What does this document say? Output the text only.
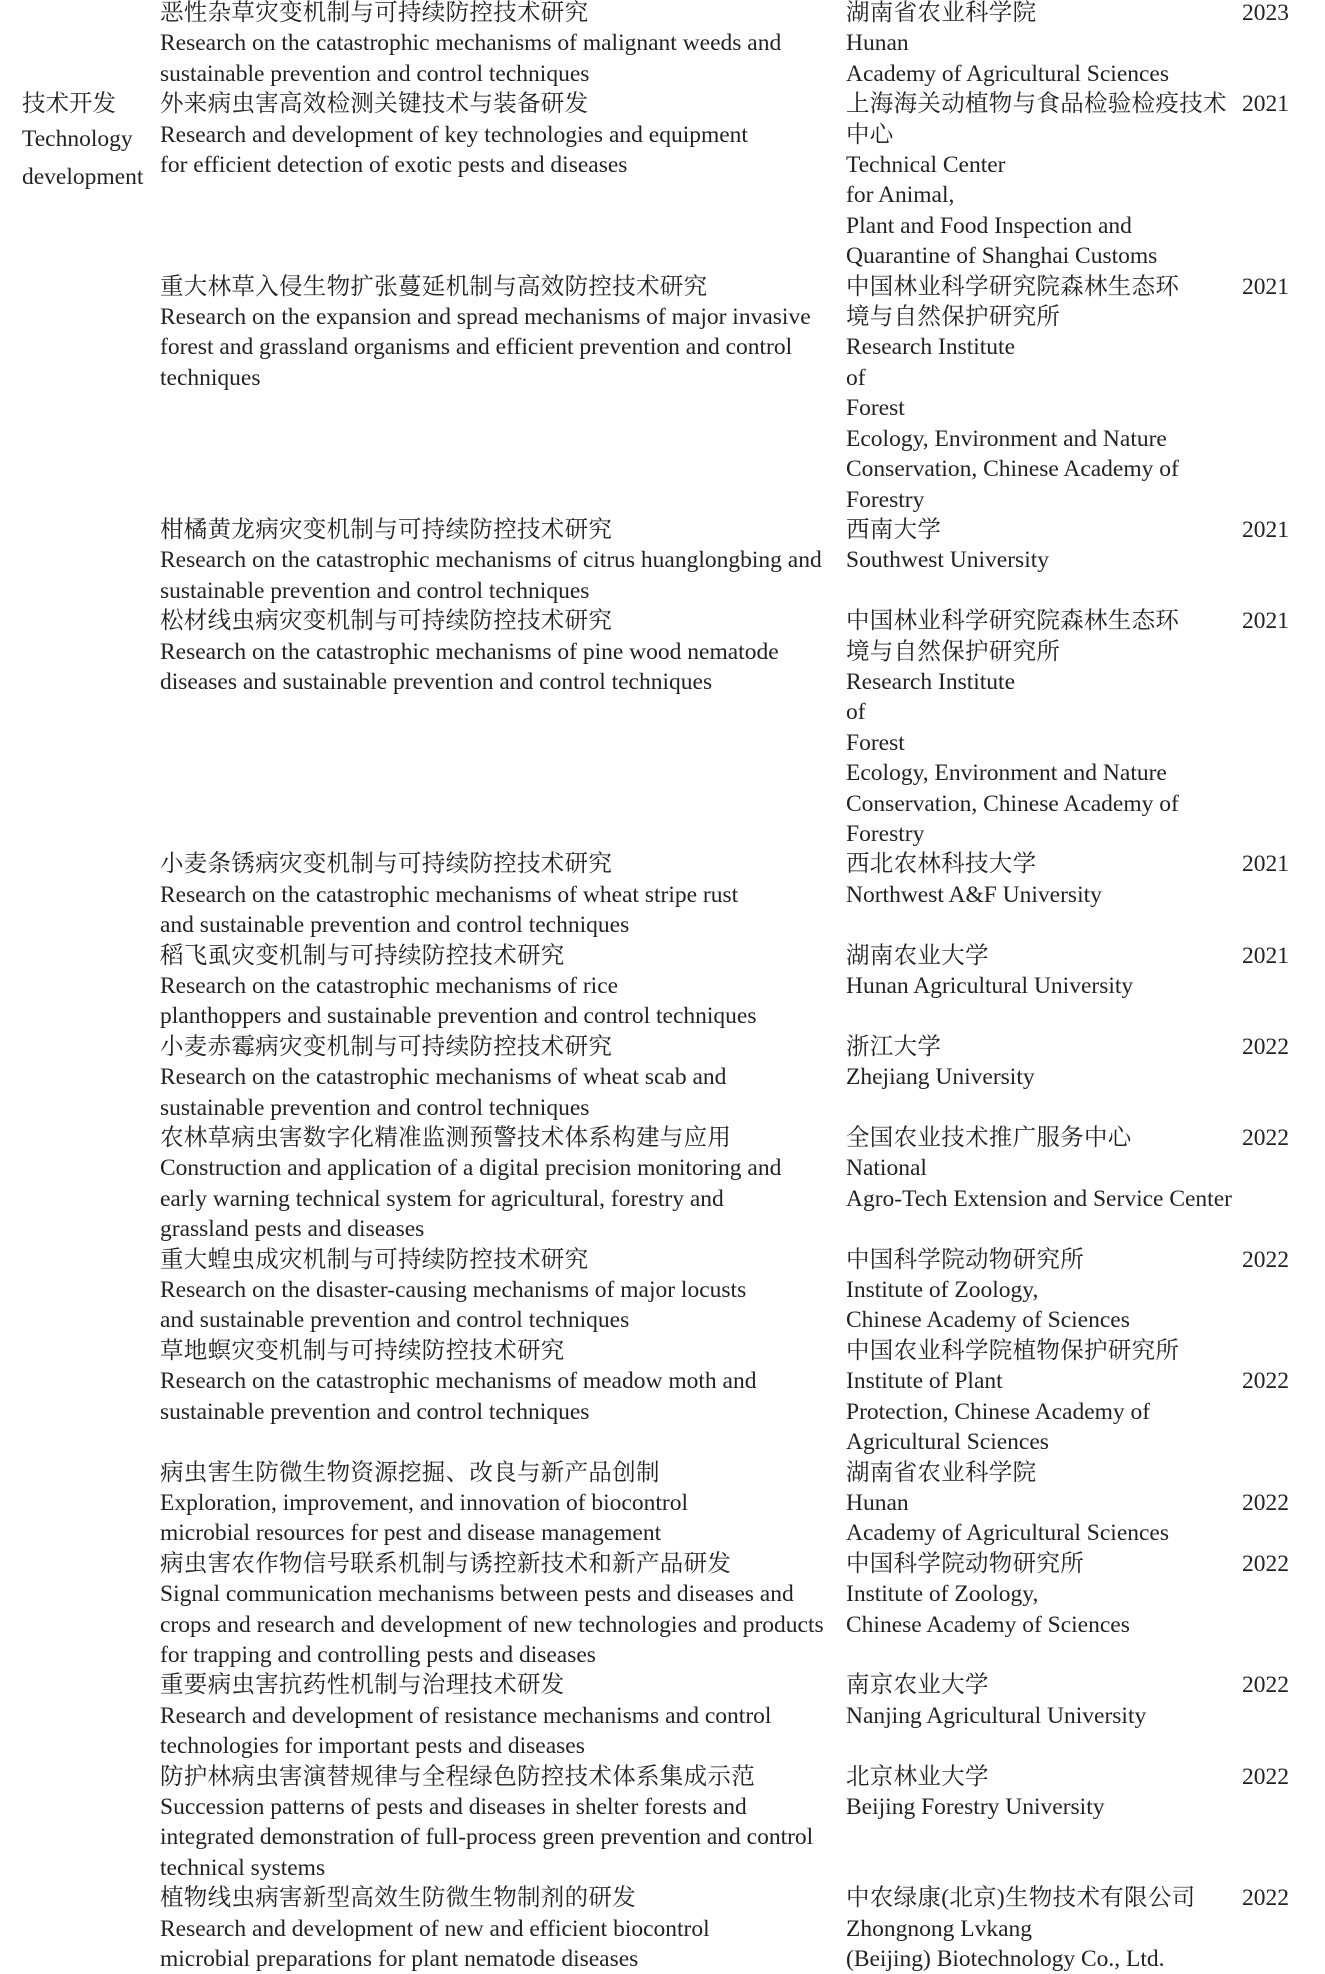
技术开发
Technology
development
恶性杂草灾变机制与可持续防控技术研究
Research on the catastrophic mechanisms of malignant weeds and
sustainable prevention and control techniques
湖南省农业科学院
Hunan
Academy of Agricultural Sciences
2023
外来病虫害高效检测关键技术与装备研发
Research and development of key technologies and equipment
for efficient detection of exotic pests and diseases
上海海关动植物与食品检验检疫技术中心
Technical Center
for Animal,
Plant and Food Inspection and Quarantine of Shanghai Customs
2021
重大林草入侵生物扩张蔓延机制与高效防控技术研究
Research on the expansion and spread mechanisms of major invasive
forest and grassland organisms and efficient prevention and control
techniques
中国林业科学研究院森林生态环
境与自然保护研究所
Research Institute
of
Forest
Ecology, Environment and Nature Conservation, Chinese Academy of Forestry
2021
柑橘黄龙病灾变机制与可持续防控技术研究
Research on the catastrophic mechanisms of citrus huanglongbing and
sustainable prevention and control techniques
西南大学
Southwest University
2021
松材线虫病灾变机制与可持续防控技术研究
Research on the catastrophic mechanisms of pine wood nematode
diseases and sustainable prevention and control techniques
中国林业科学研究院森林生态环
境与自然保护研究所
Research Institute
of
Forest
Ecology, Environment and Nature Conservation, Chinese Academy of Forestry
2021
小麦条锈病灾变机制与可持续防控技术研究
Research on the catastrophic mechanisms of wheat stripe rust
and sustainable prevention and control techniques
西北农林科技大学
Northwest A&F University
2021
稻飞虱灾变机制与可持续防控技术研究
Research on the catastrophic mechanisms of rice
planthoppers and sustainable prevention and control techniques
湖南农业大学
Hunan Agricultural University
2021
小麦赤霉病灾变机制与可持续防控技术研究
Research on the catastrophic mechanisms of wheat scab and
sustainable prevention and control techniques
浙江大学
Zhejiang University
2022
农林草病虫害数字化精准监测预警技术体系构建与应用
Construction and application of a digital precision monitoring and
early warning technical system for agricultural, forestry and
grassland pests and diseases
全国农业技术推广服务中心
National
Agro-Tech Extension and Service Center
2022
重大蝗虫成灾机制与可持续防控技术研究
Research on the disaster-causing mechanisms of major locusts
and sustainable prevention and control techniques
中国科学院动物研究所
Institute of Zoology,
Chinese Academy of Sciences
2022
草地螟灾变机制与可持续防控技术研究
Research on the catastrophic mechanisms of meadow moth and
sustainable prevention and control techniques
中国农业科学院植物保护研究所
Institute of Plant
Protection, Chinese Academy of Agricultural Sciences
2022
病虫害生防微生物资源挖掘、改良与新产品创制
Exploration, improvement, and innovation of biocontrol
microbial resources for pest and disease management
湖南省农业科学院
Hunan
Academy of Agricultural Sciences
2022
病虫害农作物信号联系机制与诱控新技术和新产品研发
Signal communication mechanisms between pests and diseases and
crops and research and development of new technologies and products
for trapping and controlling pests and diseases
中国科学院动物研究所
Institute of Zoology,
Chinese Academy of Sciences
2022
重要病虫害抗药性机制与治理技术研发
Research and development of resistance mechanisms and control
technologies for important pests and diseases
南京农业大学
Nanjing Agricultural University
2022
防护林病虫害演替规律与全程绿色防控技术体系集成示范
Succession patterns of pests and diseases in shelter forests and
integrated demonstration of full-process green prevention and control
technical systems
北京林业大学
Beijing Forestry University
2022
植物线虫病害新型高效生防微生物制剂的研发
Research and development of new and efficient biocontrol
microbial preparations for plant nematode diseases
中农绿康(北京)生物技术有限公司
Zhongnong Lvkang
(Beijing) Biotechnology Co., Ltd.
2022
